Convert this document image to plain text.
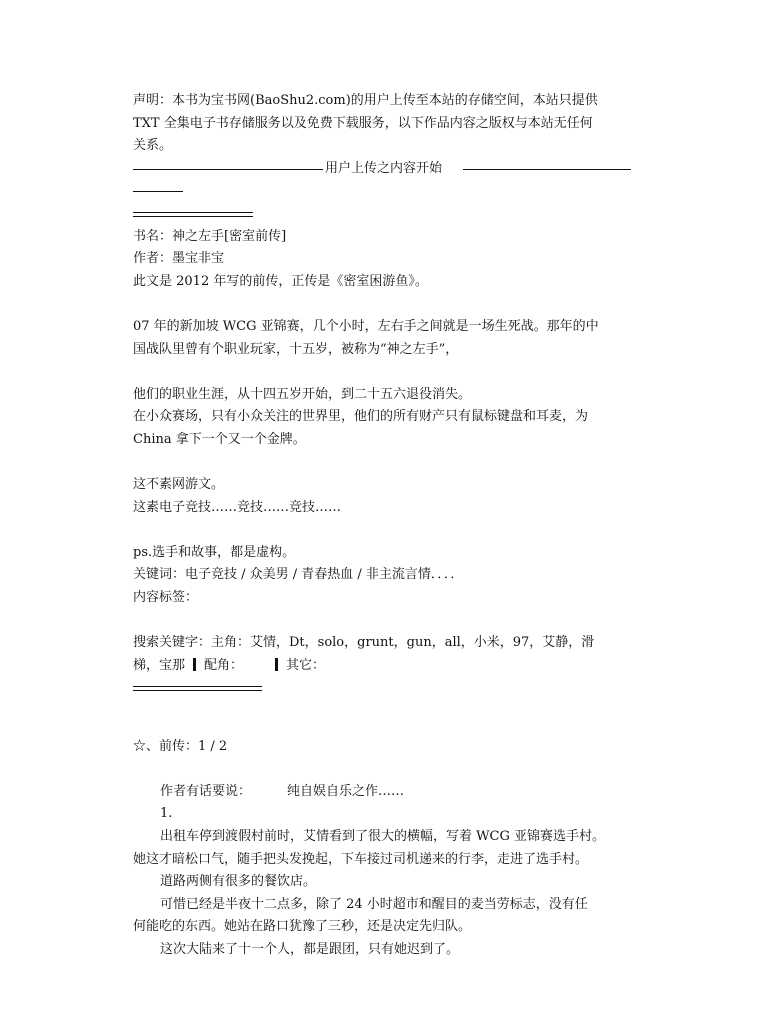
声明：本书为宝书网(BaoShu2.com)的用户上传至本站的存储空间，本站只提供
TXT 全集电子书存储服务以及免费下载服务，以下作品内容之版权与本站无任何
关系。
用户上传之内容开始
书名：神之左手[密室前传]
作者：墨宝非宝
此文是 2012 年写的前传，正传是《密室困游鱼》。
07 年的新加坡 WCG 亚锦赛，几个小时，左右手之间就是一场生死战。那年的中
国战队里曾有个职业玩家，十五岁，被称为“神之左手”，
他们的职业生涯，从十四五岁开始，到二十五六退役消失。
在小众赛场，只有小众关注的世界里，他们的所有财产只有鼠标键盘和耳麦，为
China 拿下一个又一个金牌。
这不素网游文。
这素电子竞技……竞技……竞技……
ps.选手和故事，都是虚构。
关键词：电子竞技 / 众美男 / 青春热血 / 非主流言情．．．．
内容标签：
搜索关键字：主角：艾情，Dt，solo，grunt，gun，all，小米，97，艾静，滑
梯，宝那 配角：	其它：
☆、前传：1 / 2
作者有话要说：	纯自娱自乐之作……
1.
出租车停到渡假村前时，艾情看到了很大的横幅，写着 WCG 亚锦赛选手村。
她这才暗松口气，随手把头发挽起，下车接过司机递来的行李，走进了选手村。
道路两侧有很多的餐饮店。
可惜已经是半夜十二点多，除了 24 小时超市和醒目的麦当劳标志，没有任
何能吃的东西。她站在路口犹豫了三秒，还是决定先归队。
这次大陆来了十一个人，都是跟团，只有她迟到了。
